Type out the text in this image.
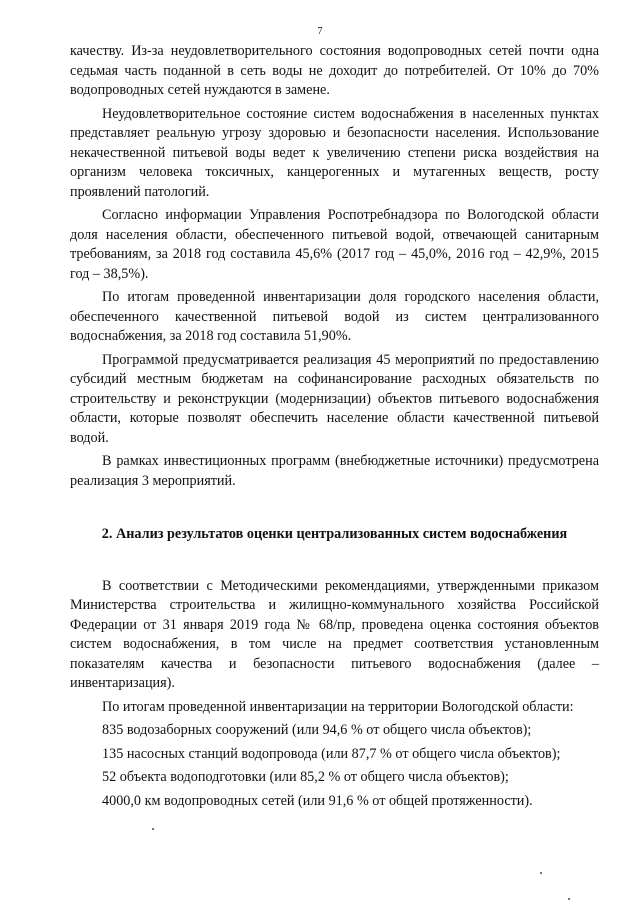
7

качеству. Из-за неудовлетворительного состояния водопроводных сетей почти одна седьмая часть поданной в сеть воды не доходит до потребителей. От 10% до 70% водопроводных сетей нуждаются в замене.

Неудовлетворительное состояние систем водоснабжения в населенных пунктах представляет реальную угрозу здоровью и безопасности населения. Использование некачественной питьевой воды ведет к увеличению степени риска воздействия на организм человека токсичных, канцерогенных и мутагенных веществ, росту проявлений патологий.

Согласно информации Управления Роспотребнадзора по Вологодской области доля населения области, обеспеченного питьевой водой, отвечающей санитарным требованиям, за 2018 год составила 45,6% (2017 год – 45,0%, 2016 год – 42,9%, 2015 год – 38,5%).

По итогам проведенной инвентаризации доля городского населения области, обеспеченного качественной питьевой водой из систем централизованного водоснабжения, за 2018 год составила 51,90%.

Программой предусматривается реализация 45 мероприятий по предоставлению субсидий местным бюджетам на софинансирование расходных обязательств по строительству и реконструкции (модернизации) объектов питьевого водоснабжения области, которые позволят обеспечить население области качественной питьевой водой.

В рамках инвестиционных программ (внебюджетные источники) предусмотрена реализация 3 мероприятий.

2. Анализ результатов оценки централизованных систем водоснабжения

В соответствии с Методическими рекомендациями, утвержденными приказом Министерства строительства и жилищно-коммунального хозяйства Российской Федерации от 31 января 2019 года № 68/пр, проведена оценка состояния объектов систем водоснабжения, в том числе на предмет соответствия установленным показателям качества и безопасности питьевого водоснабжения (далее – инвентаризация).

По итогам проведенной инвентаризации на территории Вологодской области:

835 водозаборных сооружений (или 94,6 % от общего числа объектов);

135 насосных станций водопровода (или 87,7 % от общего числа объектов);

52 объекта водоподготовки (или 85,2 % от общего числа объектов);

4000,0 км водопроводных сетей (или 91,6 % от общей протяженности).
